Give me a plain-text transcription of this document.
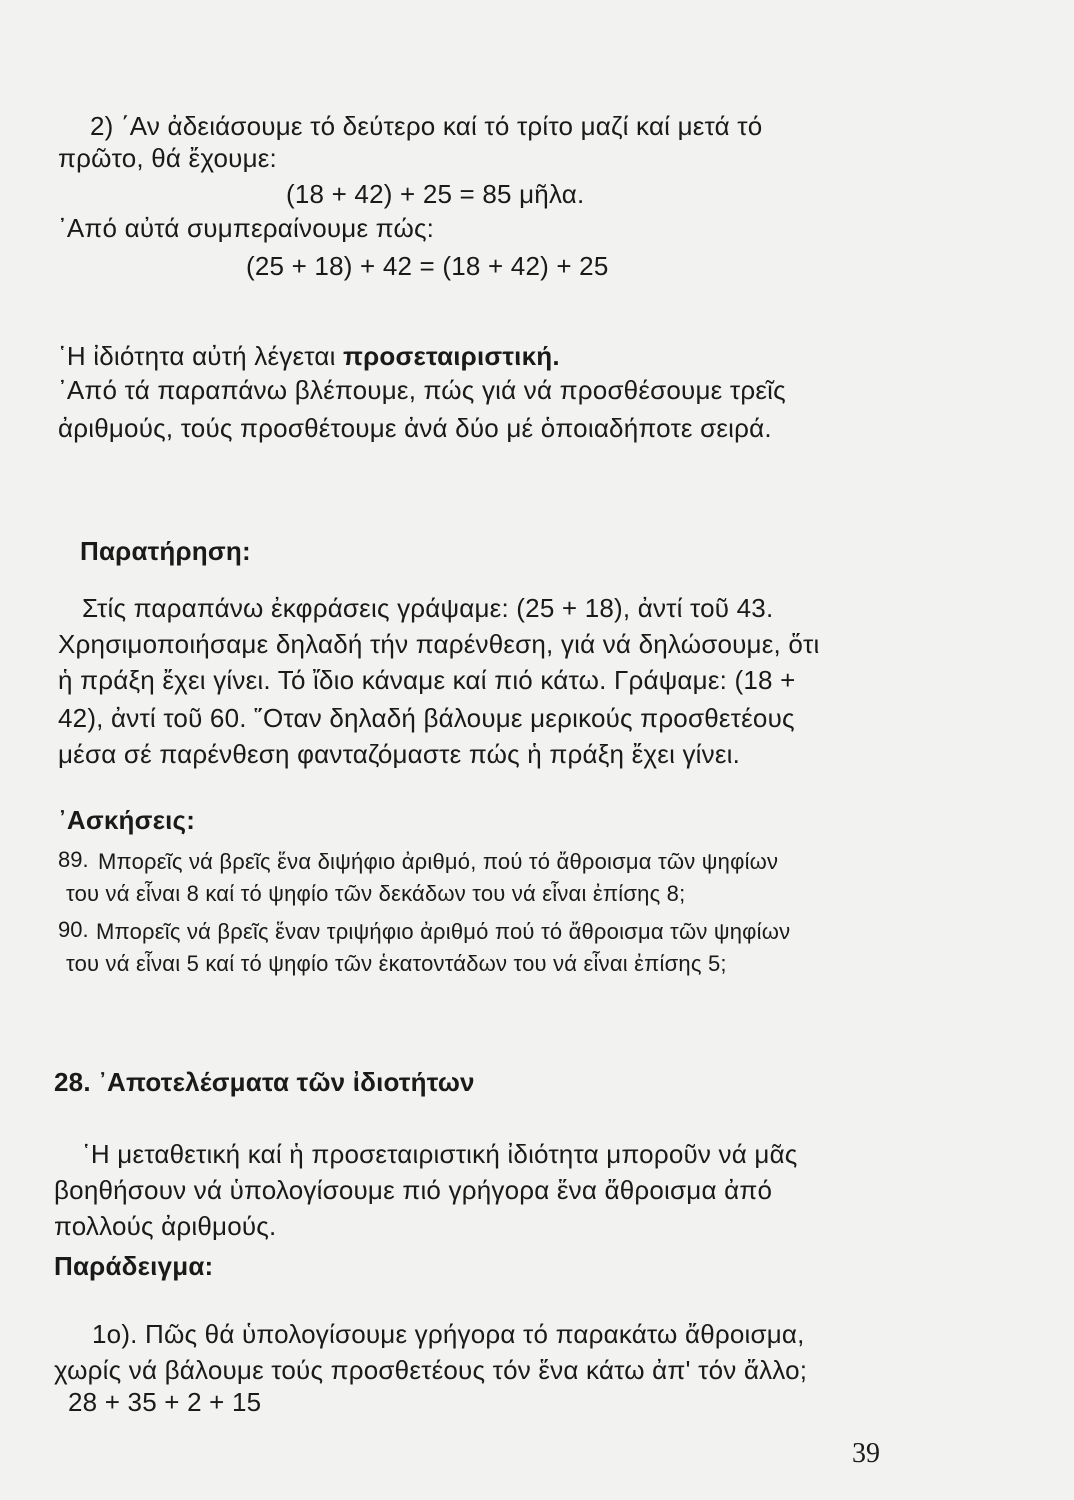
2) ΄Αν ἀδειάσουμε τό δεύτερο καί τό τρίτο μαζί καί μετά τό
πρῶτο, θά ἔχουμε:
(18 + 42) + 25 = 85 μῆλα.
᾿Από αὐτά συμπεραίνουμε πώς:
(25 + 18) + 42 = (18 + 42) + 25
῾Η ἰδιότητα αὐτή λέγεται προσεταιριστική.
᾿Από τά παραπάνω βλέπουμε, πώς γιά νά προσθέσουμε τρεῖς
ἀριθμούς, τούς προσθέτουμε ἀνά δύο μέ ὁποιαδήποτε σειρά.
Παρατήρηση:
Στίς παραπάνω ἐκφράσεις γράψαμε: (25 + 18), ἀντί τοῦ 43.
Χρησιμοποιήσαμε δηλαδή τήν παρένθεση, γιά νά δηλώσουμε, ὅτι
ἡ πράξη ἔχει γίνει. Τό ἴδιο κάναμε καί πιό κάτω. Γράψαμε: (18 +
42), ἀντί τοῦ 60. ῞Οταν δηλαδή βάλουμε μερικούς προσθετέους
μέσα σέ παρένθεση φανταζόμαστε πώς ἡ πράξη ἔχει γίνει.
᾿Ασκήσεις:
89. Μπορεῖς νά βρεῖς ἕνα διψήφιο ἀριθμό, πού τό ἄθροισμα τῶν ψηφίων
του νά εἶναι 8 καί τό ψηφίο τῶν δεκάδων του νά εἶναι ἐπίσης 8;
90. Μπορεῖς νά βρεῖς ἕναν τριψήφιο ἀριθμό πού τό ἄθροισμα τῶν ψηφίων
του νά εἶναι 5 καί τό ψηφίο τῶν ἑκατοντάδων του νά εἶναι ἐπίσης 5;
28. ᾿Αποτελέσματα τῶν ἰδιοτήτων
῾Η μεταθετική καί ἡ προσεταιριστική ἰδιότητα μποροῦν νά μᾶς
βοηθήσουν νά ὑπολογίσουμε πιό γρήγορα ἕνα ἄθροισμα ἀπό
πολλούς ἀριθμούς.
Παράδειγμα:
1ο). Πῶς θά ὑπολογίσουμε γρήγορα τό παρακάτω ἄθροισμα,
χωρίς νά βάλουμε τούς προσθετέους τόν ἕνα κάτω ἀπ' τόν ἄλλο;
28 + 35 + 2 + 15
39
